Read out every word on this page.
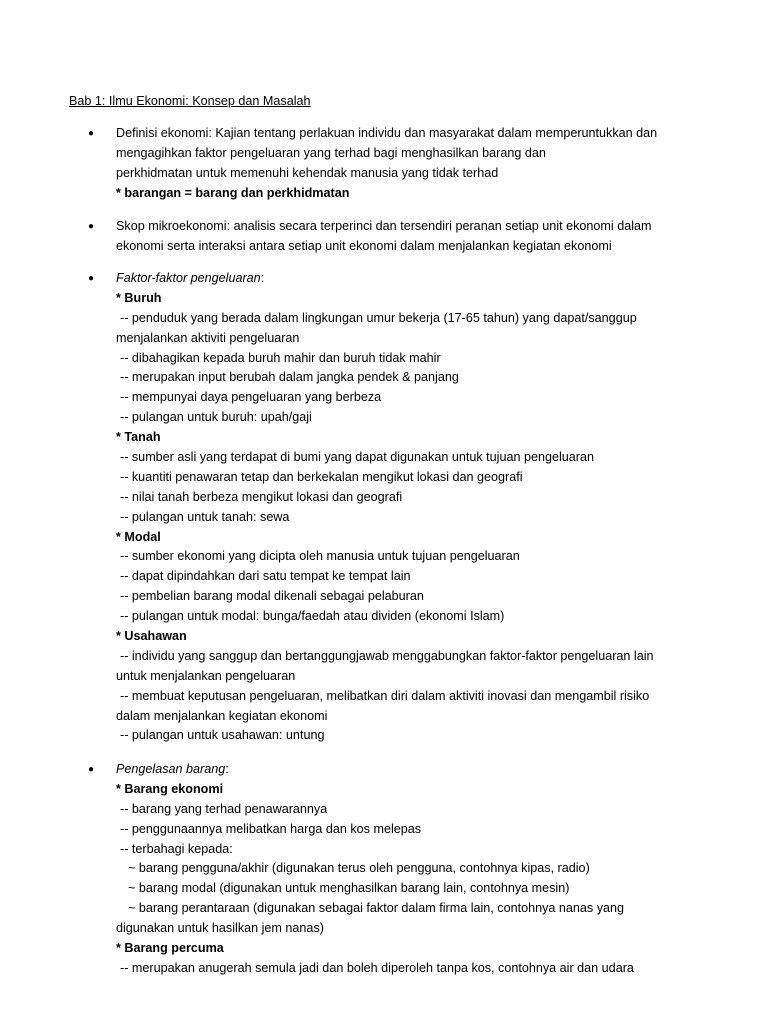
Bab 1: Ilmu Ekonomi: Konsep dan Masalah
● Definisi ekonomi: Kajian tentang perlakuan individu dan masyarakat dalam memperuntukkan dan
mengagihkan faktor pengeluaran yang terhad bagi menghasilkan barang dan
perkhidmatan untuk memenuhi kehendak manusia yang tidak terhad
* barangan = barang dan perkhidmatan
● Skop mikroekonomi: analisis secara terperinci dan tersendiri peranan setiap unit ekonomi dalam
ekonomi serta interaksi antara setiap unit ekonomi dalam menjalankan kegiatan ekonomi
● Faktor-faktor pengeluaran:
* Buruh
-- penduduk yang berada dalam lingkungan umur bekerja (17-65 tahun) yang dapat/sanggup
menjalankan aktiviti pengeluaran
-- dibahagikan kepada buruh mahir dan buruh tidak mahir
-- merupakan input berubah dalam jangka pendek & panjang
-- mempunyai daya pengeluaran yang berbeza
-- pulangan untuk buruh: upah/gaji
* Tanah
-- sumber asli yang terdapat di bumi yang dapat digunakan untuk tujuan pengeluaran
-- kuantiti penawaran tetap dan berkekalan mengikut lokasi dan geografi
-- nilai tanah berbeza mengikut lokasi dan geografi
-- pulangan untuk tanah: sewa
* Modal
-- sumber ekonomi yang dicipta oleh manusia untuk tujuan pengeluaran
-- dapat dipindahkan dari satu tempat ke tempat lain
-- pembelian barang modal dikenali sebagai pelaburan
-- pulangan untuk modal: bunga/faedah atau dividen (ekonomi Islam)
* Usahawan
-- individu yang sanggup dan bertanggungjawab menggabungkan faktor-faktor pengeluaran lain
untuk menjalankan pengeluaran
-- membuat keputusan pengeluaran, melibatkan diri dalam aktiviti inovasi dan mengambil risiko
dalam menjalankan kegiatan ekonomi
-- pulangan untuk usahawan: untung
● Pengelasan barang:
* Barang ekonomi
-- barang yang terhad penawarannya
-- penggunaannya melibatkan harga dan kos melepas
-- terbahagi kepada:
~ barang pengguna/akhir (digunakan terus oleh pengguna, contohnya kipas, radio)
~ barang modal (digunakan untuk menghasilkan barang lain, contohnya mesin)
~ barang perantaraan (digunakan sebagai faktor dalam firma lain, contohnya nanas yang
digunakan untuk hasilkan jem nanas)
* Barang percuma
-- merupakan anugerah semula jadi dan boleh diperoleh tanpa kos, contohnya air dan udara
